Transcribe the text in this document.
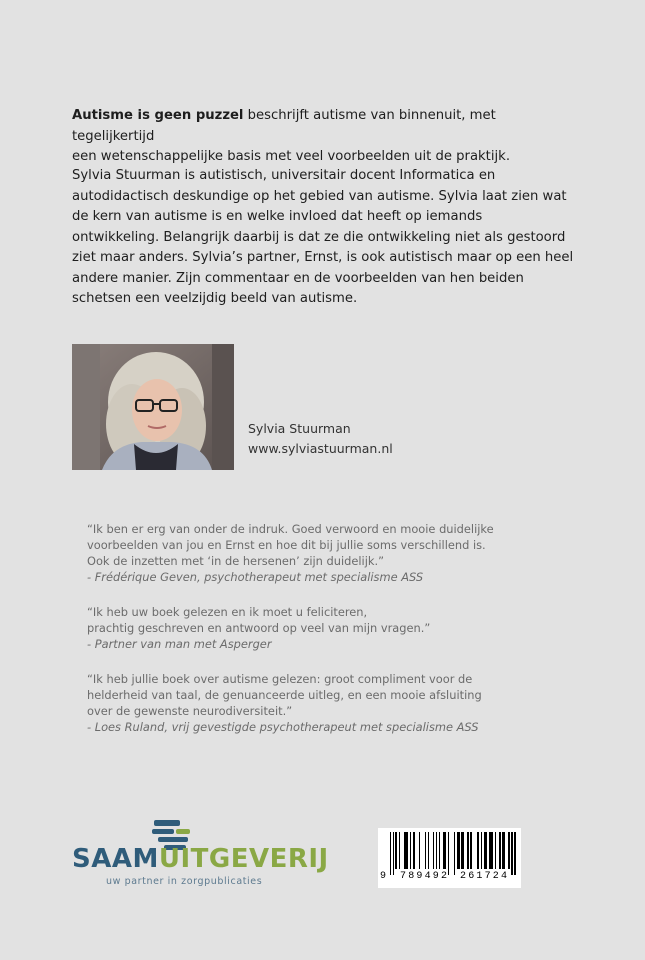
Autisme is geen puzzel beschrijft autisme van binnenuit, met tegelijkertijd
een wetenschappelijke basis met veel voorbeelden uit de praktijk.

Sylvia Stuurman is autistisch, universitair docent Informatica en
autodidactisch deskundige op het gebied van autisme. Sylvia laat zien wat
de kern van autisme is en welke invloed dat heeft op iemands
ontwikkeling. Belangrijk daarbij is dat ze die ontwikkeling niet als gestoord
ziet maar anders. Sylvia’s partner, Ernst, is ook autistisch maar op een heel
andere manier. Zijn commentaar en de voorbeelden van hen beiden
schetsen een veelzijdig beeld van autisme.

Sylvia Stuurman
www.sylviastuurman.nl
“Ik ben er erg van onder de indruk. Goed verwoord en mooie duidelijke
voorbeelden van jou en Ernst en hoe dit bij jullie soms verschillend is.
Ook de inzetten met ‘in de hersenen’ zijn duidelijk.”
- Frédérique Geven, psychotherapeut met specialisme ASS
“Ik heb uw boek gelezen en ik moet u feliciteren,
prachtig geschreven en antwoord op veel van mijn vragen.”
- Partner van man met Asperger
“Ik heb jullie boek over autisme gelezen: groot compliment voor de
helderheid van taal, de genuanceerde uitleg, en een mooie afsluiting
over de gewenste neurodiversiteit.”
- Loes Ruland, vrij gevestigde psychotherapeut met specialisme ASS
SAAMUITGEVERIJ
uw partner in zorgpublicaties	9 789492 261724
